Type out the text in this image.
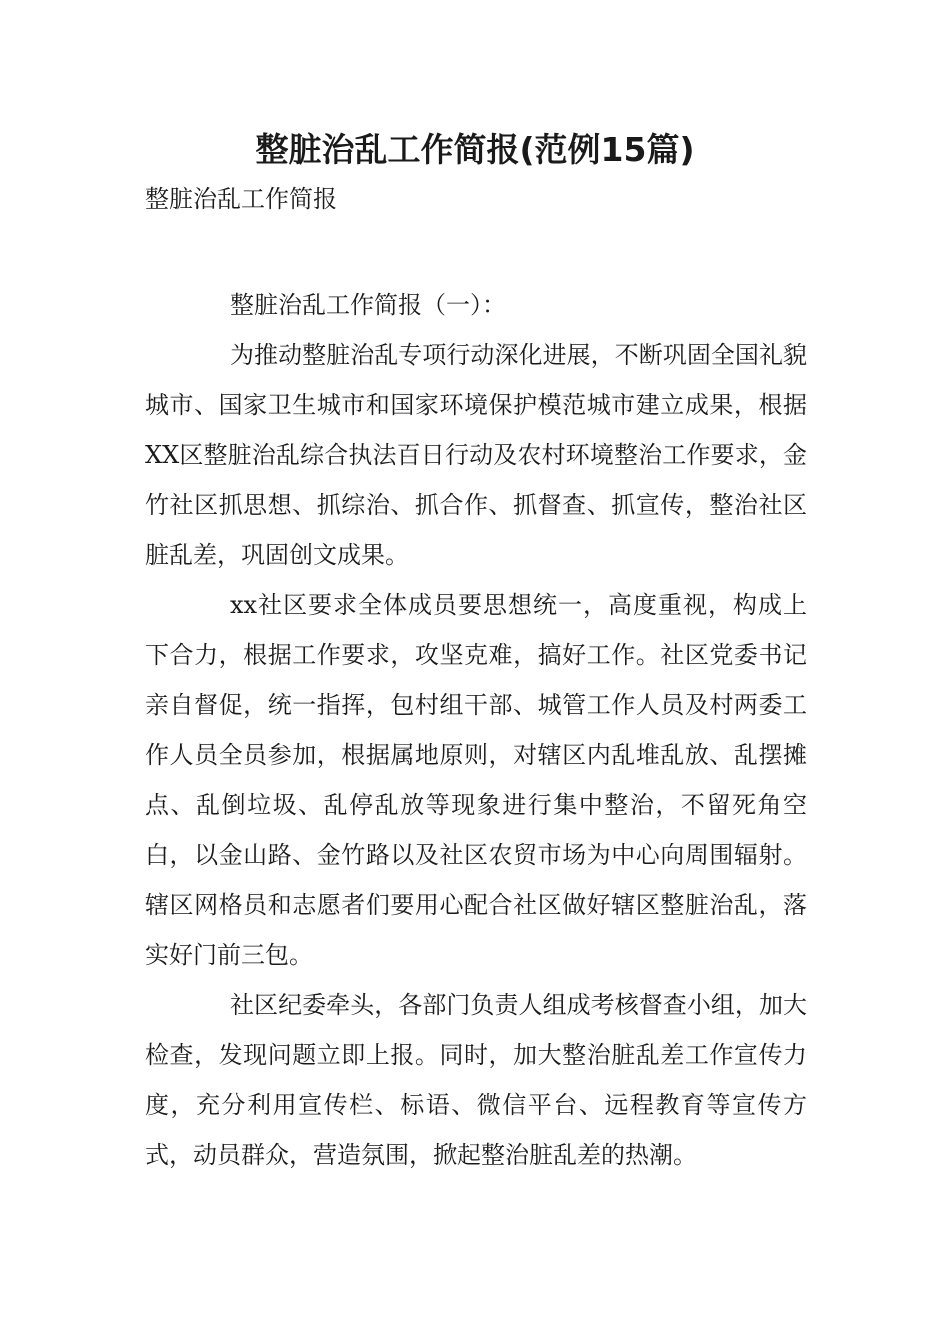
整脏治乱工作简报(范例15篇)
整脏治乱工作简报

整脏治乱工作简报（一）：

为推动整脏治乱专项行动深化进展，不断巩固全国礼貌城市、国家卫生城市和国家环境保护模范城市建立成果，根据XX区整脏治乱综合执法百日行动及农村环境整治工作要求，金竹社区抓思想、抓综治、抓合作、抓督查、抓宣传，整治社区脏乱差，巩固创文成果。

xx社区要求全体成员要思想统一，高度重视，构成上下合力，根据工作要求，攻坚克难，搞好工作。社区党委书记亲自督促，统一指挥，包村组干部、城管工作人员及村两委工作人员全员参加，根据属地原则，对辖区内乱堆乱放、乱摆摊点、乱倒垃圾、乱停乱放等现象进行集中整治，不留死角空白，以金山路、金竹路以及社区农贸市场为中心向周围辐射。辖区网格员和志愿者们要用心配合社区做好辖区整脏治乱，落实好门前三包。

社区纪委牵头，各部门负责人组成考核督查小组，加大检查，发现问题立即上报。同时，加大整治脏乱差工作宣传力度，充分利用宣传栏、标语、微信平台、远程教育等宣传方式，动员群众，营造氛围，掀起整治脏乱差的热潮。
